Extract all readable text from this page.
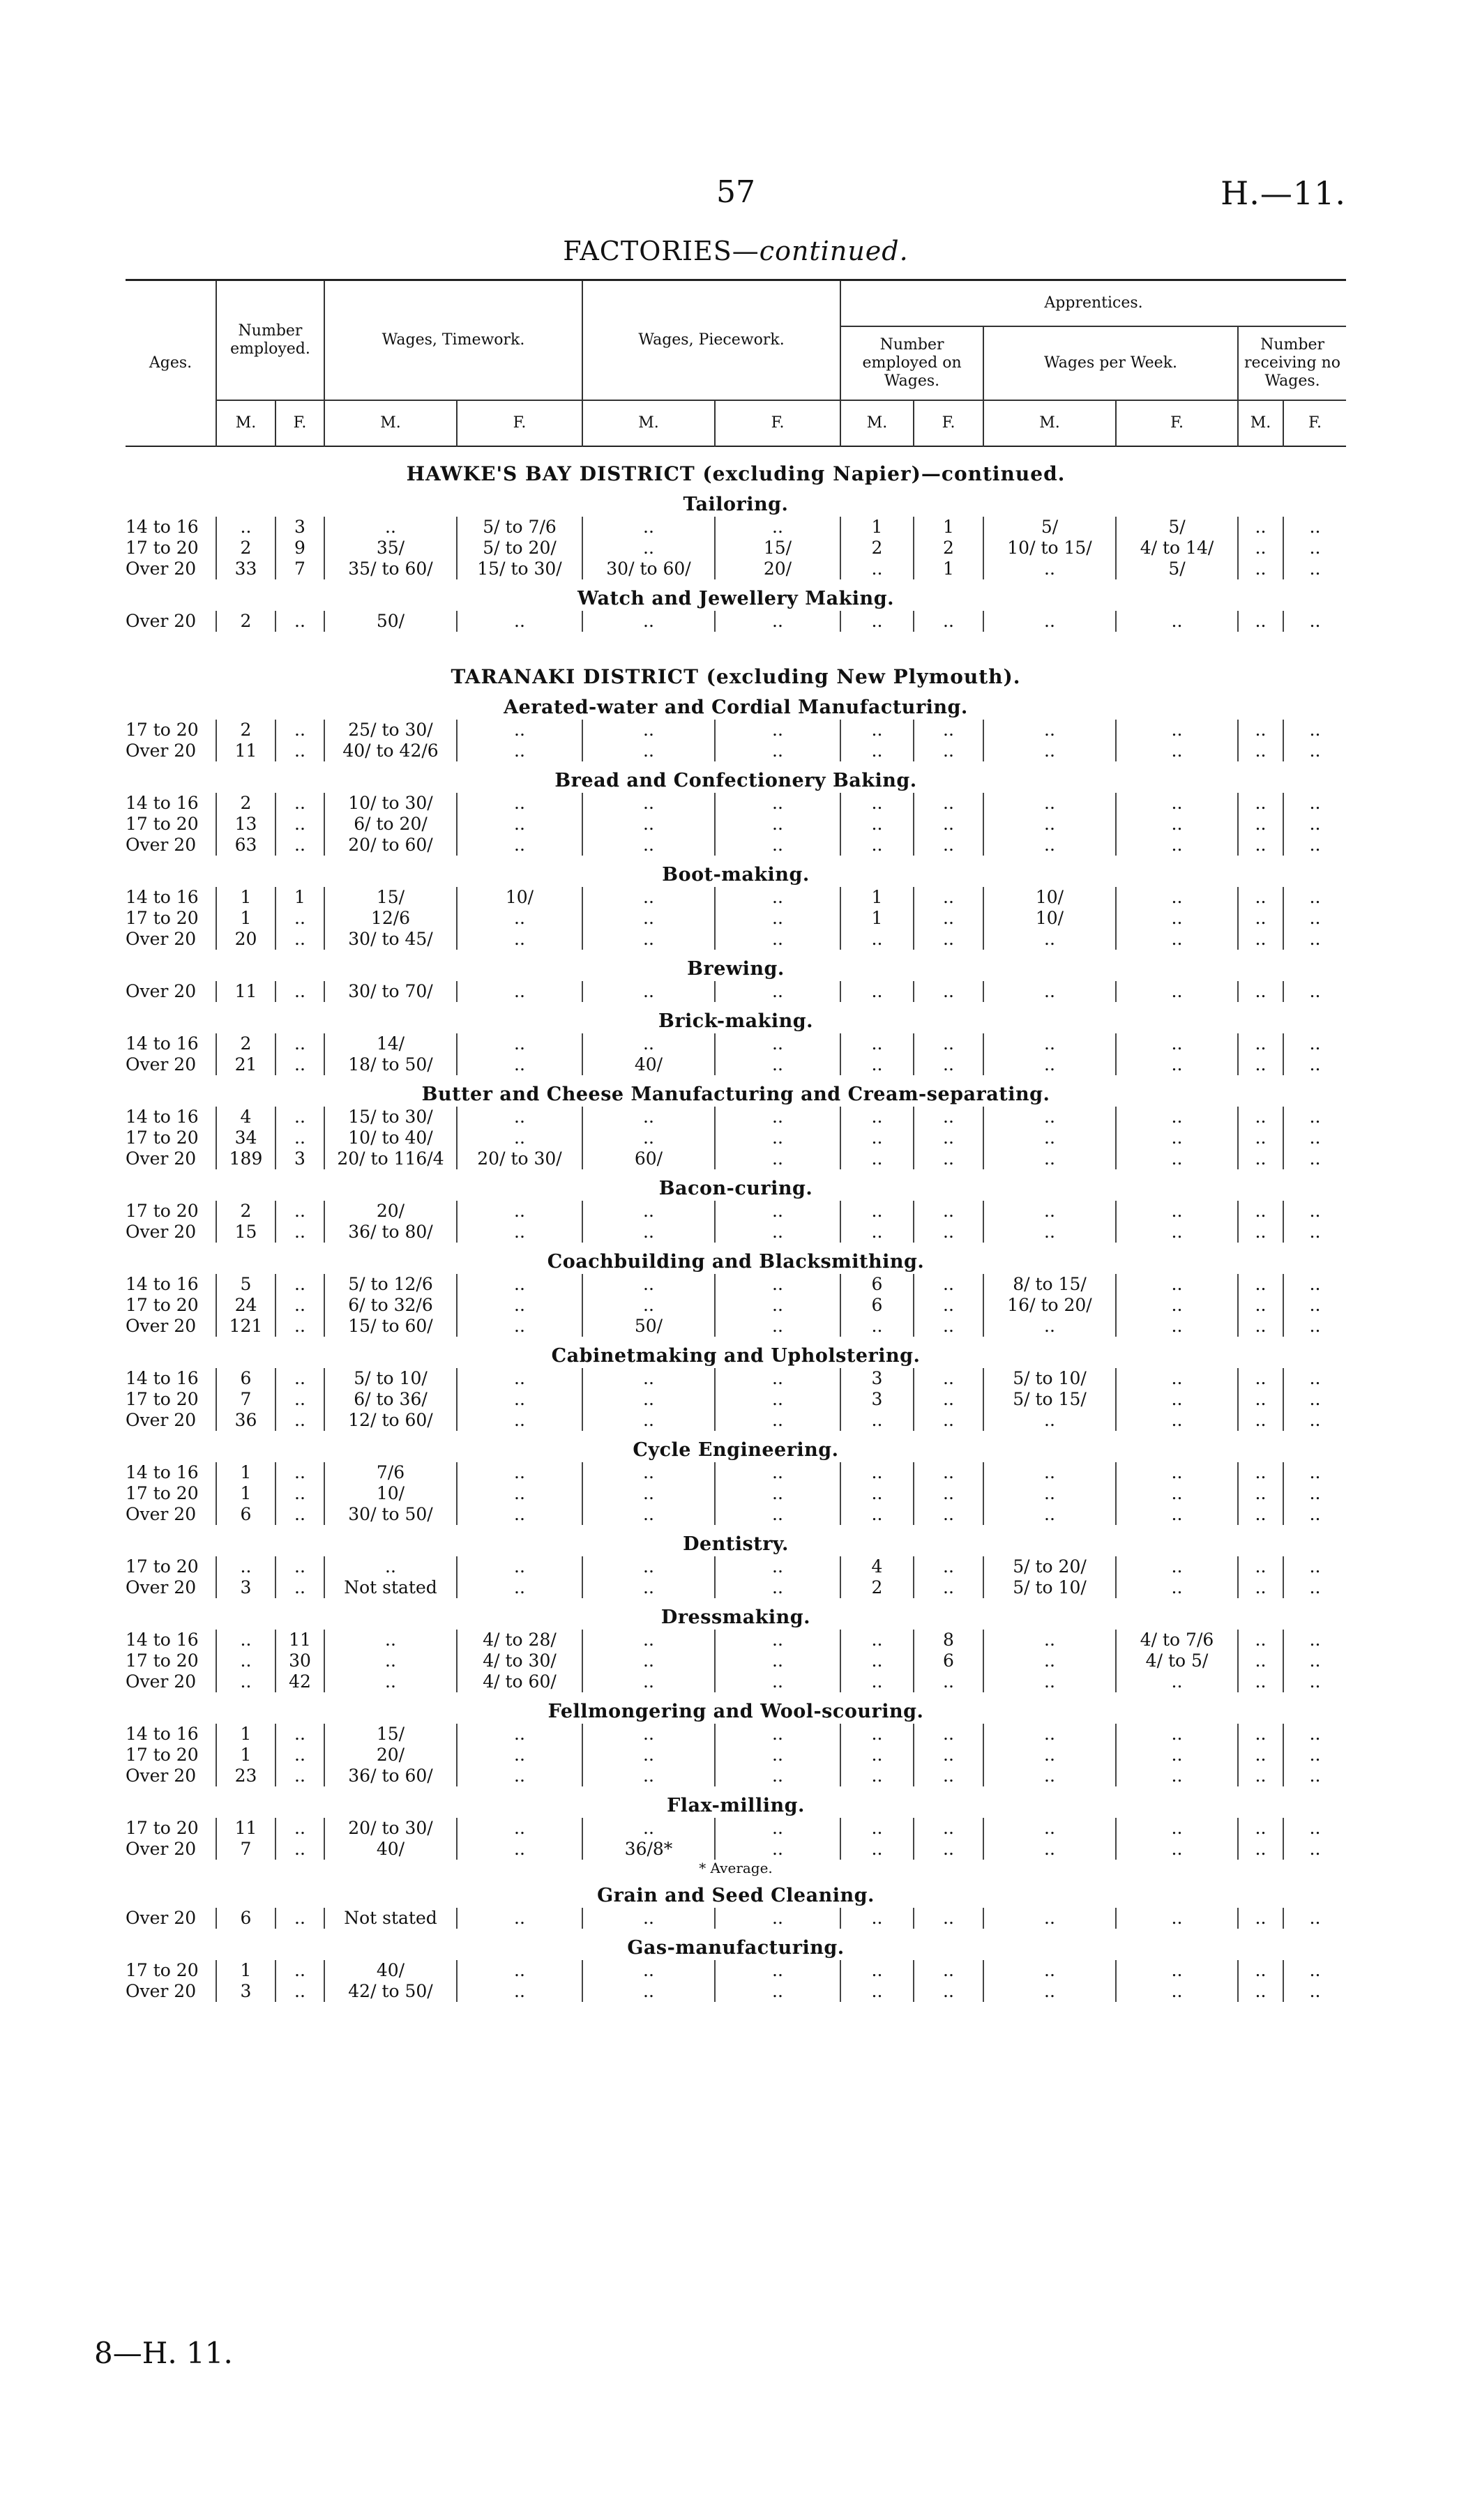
57	H.—11.
FACTORIES—continued.
Ages.	Number employed.		Wages, Timework.		Wages, Piecework.		Apprentices.					
							Number employed on Wages.		Wages per Week.		Number receiving no Wages.	
	M.	F.	M.	F.	M.	F.	M.	F.	M.	F.	M.	F.
HAWKE'S BAY DISTRICT (excluding Napier)—continued.
Tailoring.
14 to 16	..	3	..	5/ to 7/6	..	..	1	1	5/	5/	..	..
17 to 20	2	9	35/	5/ to 20/	..	15/	2	2	10/ to 15/	4/ to 14/	..	..
Over 20	33	7	35/ to 60/	15/ to 30/	30/ to 60/	20/	..	1	..	5/	..	..
Watch and Jewellery Making.
Over 20	2	..	50/	..	..	..	..	..	..	..	..	..
TARANAKI DISTRICT (excluding New Plymouth).
Aerated-water and Cordial Manufacturing.
17 to 20	2	..	25/ to 30/	..	..	..	..	..	..	..	..	..
Over 20	11	..	40/ to 42/6	..	..	..	..	..	..	..	..	..
Bread and Confectionery Baking.
14 to 16	2	..	10/ to 30/	..	..	..	..	..	..	..	..	..
17 to 20	13	..	6/ to 20/	..	..	..	..	..	..	..	..	..
Over 20	63	..	20/ to 60/	..	..	..	..	..	..	..	..	..
Boot-making.
14 to 16	1	1	15/	10/	..	..	1	..	10/	..	..	..
17 to 20	1	..	12/6	..	..	..	1	..	10/	..	..	..
Over 20	20	..	30/ to 45/	..	..	..	..	..	..	..	..	..
Brewing.
Over 20	11	..	30/ to 70/	..	..	..	..	..	..	..	..	..
Brick-making.
14 to 16	2	..	14/	..	..	..	..	..	..	..	..	..
Over 20	21	..	18/ to 50/	..	40/	..	..	..	..	..	..	..
Butter and Cheese Manufacturing and Cream-separating.
14 to 16	4	..	15/ to 30/	..	..	..	..	..	..	..	..	..
17 to 20	34	..	10/ to 40/	..	..	..	..	..	..	..	..	..
Over 20	189	3	20/ to 116/4	20/ to 30/	60/	..	..	..	..	..	..	..
Bacon-curing.
17 to 20	2	..	20/	..	..	..	..	..	..	..	..	..
Over 20	15	..	36/ to 80/	..	..	..	..	..	..	..	..	..
Coachbuilding and Blacksmithing.
14 to 16	5	..	5/ to 12/6	..	..	..	6	..	8/ to 15/	..	..	..
17 to 20	24	..	6/ to 32/6	..	..	..	6	..	16/ to 20/	..	..	..
Over 20	121	..	15/ to 60/	..	50/	..	..	..	..	..	..	..
Cabinetmaking and Upholstering.
14 to 16	6	..	5/ to 10/	..	..	..	3	..	5/ to 10/	..	..	..
17 to 20	7	..	6/ to 36/	..	..	..	3	..	5/ to 15/	..	..	..
Over 20	36	..	12/ to 60/	..	..	..	..	..	..	..	..	..
Cycle Engineering.
14 to 16	1	..	7/6	..	..	..	..	..	..	..	..	..
17 to 20	1	..	10/	..	..	..	..	..	..	..	..	..
Over 20	6	..	30/ to 50/	..	..	..	..	..	..	..	..	..
Dentistry.
17 to 20	..	..	..	..	..	..	4	..	5/ to 20/	..	..	..
Over 20	3	..	Not stated	..	..	..	2	..	5/ to 10/	..	..	..
Dressmaking.
14 to 16	..	11	..	4/ to 28/	..	..	..	8	..	4/ to 7/6	..	..
17 to 20	..	30	..	4/ to 30/	..	..	..	6	..	4/ to 5/	..	..
Over 20	..	42	..	4/ to 60/	..	..	..	..	..	..	..	..
Fellmongering and Wool-scouring.
14 to 16	1	..	15/	..	..	..	..	..	..	..	..	..
17 to 20	1	..	20/	..	..	..	..	..	..	..	..	..
Over 20	23	..	36/ to 60/	..	..	..	..	..	..	..	..	..
Flax-milling.
17 to 20	11	..	20/ to 30/	..	..	..	..	..	..	..	..	..
Over 20	7	..	40/	..	36/8*	..	..	..	..	..	..	..
* Average.
Grain and Seed Cleaning.
Over 20	6	..	Not stated	..	..	..	..	..	..	..	..	..
Gas-manufacturing.
17 to 20	1	..	40/	..	..	..	..	..	..	..	..	..
Over 20	3	..	42/ to 50/	..	..	..	..	..	..	..	..	..
8—H. 11.
